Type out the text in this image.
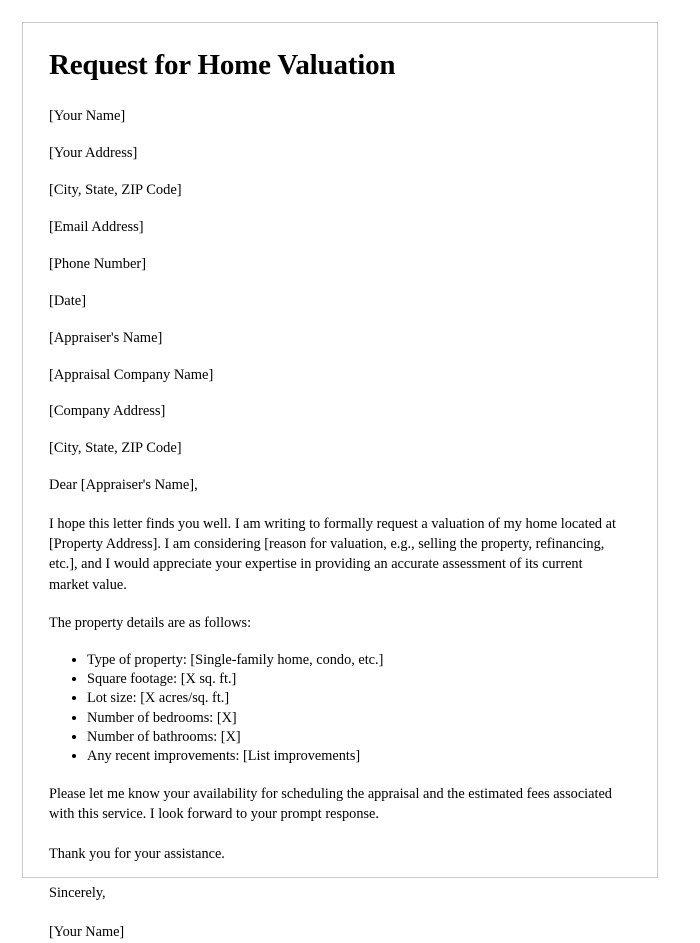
Request for Home Valuation
[Your Name]
[Your Address]
[City, State, ZIP Code]
[Email Address]
[Phone Number]
[Date]
[Appraiser's Name]
[Appraisal Company Name]
[Company Address]
[City, State, ZIP Code]
Dear [Appraiser's Name],

I hope this letter finds you well. I am writing to formally request a valuation of my home located at [Property Address]. I am considering [reason for valuation, e.g., selling the property, refinancing, etc.], and I would appreciate your expertise in providing an accurate assessment of its current market value.

The property details are as follows:

• Type of property: [Single-family home, condo, etc.]
• Square footage: [X sq. ft.]
• Lot size: [X acres/sq. ft.]
• Number of bedrooms: [X]
• Number of bathrooms: [X]
• Any recent improvements: [List improvements]

Please let me know your availability for scheduling the appraisal and the estimated fees associated with this service. I look forward to your prompt response.

Thank you for your assistance.

Sincerely,

[Your Name]
